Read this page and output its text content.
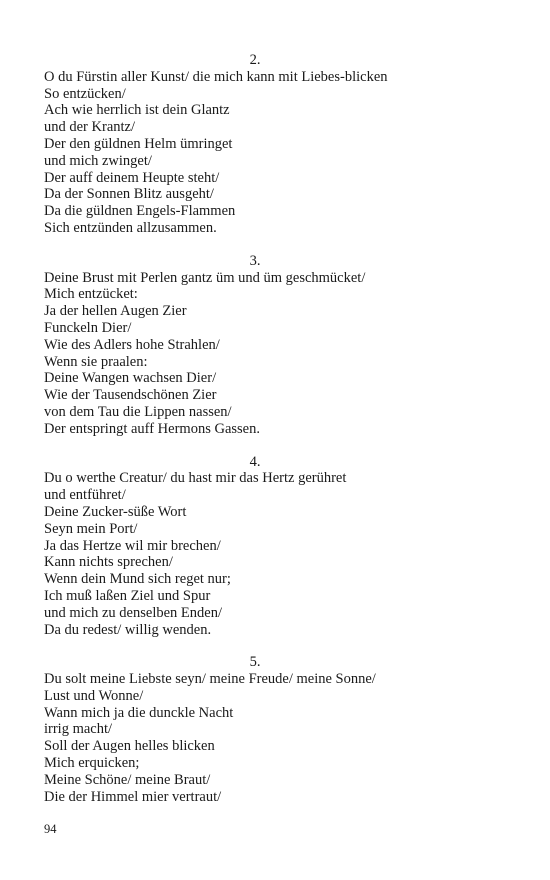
2.
O du Fürstin aller Kunst/ die mich kann mit Liebes-blicken
So entzücken/
Ach wie herrlich ist dein Glantz
und der Krantz/
Der den güldnen Helm ümringet
und mich zwinget/
Der auff deinem Heupte steht/
Da der Sonnen Blitz ausgeht/
Da die güldnen Engels-Flammen
Sich entzünden allzusammen.
3.
Deine Brust mit Perlen gantz üm und üm geschmücket/
Mich entzücket:
Ja der hellen Augen Zier
Funckeln Dier/
Wie des Adlers hohe Strahlen/
Wenn sie praalen:
Deine Wangen wachsen Dier/
Wie der Tausendschönen Zier
von dem Tau die Lippen nassen/
Der entspringt auff Hermons Gassen.
4.
Du o werthe Creatur/ du hast mir das Hertz gerühret
und entführet/
Deine Zucker-süße Wort
Seyn mein Port/
Ja das Hertze wil mir brechen/
Kann nichts sprechen/
Wenn dein Mund sich reget nur;
Ich muß laßen Ziel und Spur
und mich zu denselben Enden/
Da du redest/ willig wenden.
5.
Du solt meine Liebste seyn/ meine Freude/ meine Sonne/
Lust und Wonne/
Wann mich ja die dunckle Nacht
irrig macht/
Soll der Augen helles blicken
Mich erquicken;
Meine Schöne/ meine Braut/
Die der Himmel mier vertraut/
94
